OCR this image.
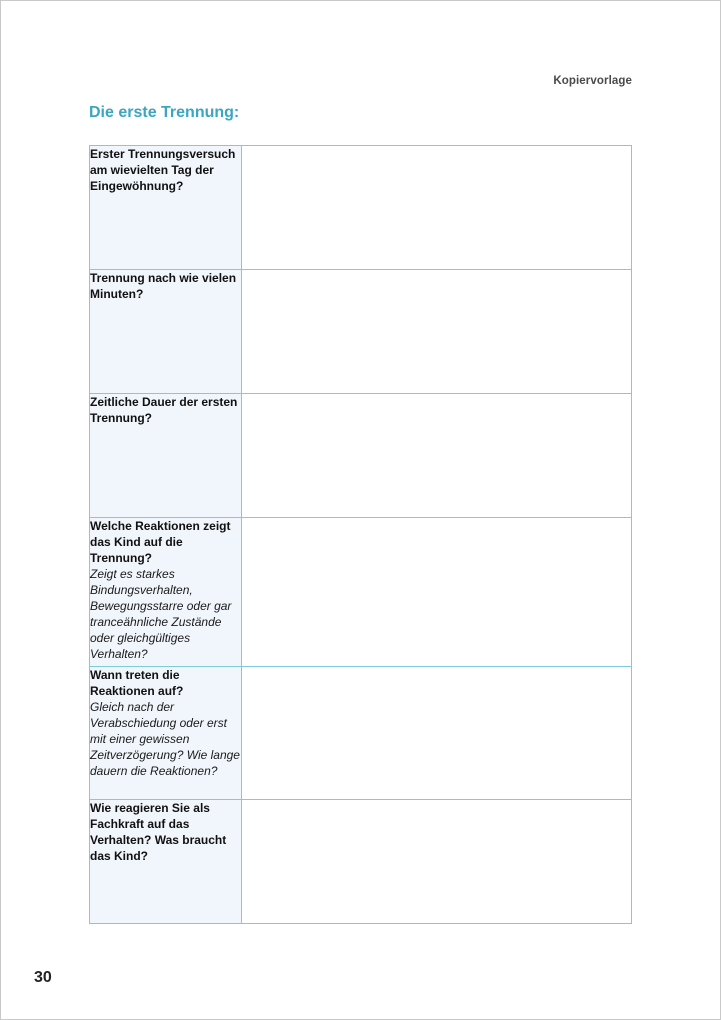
Kopiervorlage
Die erste Trennung:
Erster Trennungsversuch am wievielten Tag der Eingewöhnung?	

Trennung nach wie vielen Minuten?	

Zeitliche Dauer der ersten Trennung?	

Welche Reaktionen zeigt das Kind auf die Trennung?
Zeigt es starkes Bindungsverhalten, Bewegungsstarre oder gar tranceähnliche Zustände oder gleichgültiges Verhalten?	

Wann treten die Reaktionen auf?
Gleich nach der Verabschiedung oder erst mit einer gewissen Zeitverzögerung? Wie lange dauern die Reaktionen?	

Wie reagieren Sie als Fachkraft auf das Verhalten? Was braucht das Kind?	

30
